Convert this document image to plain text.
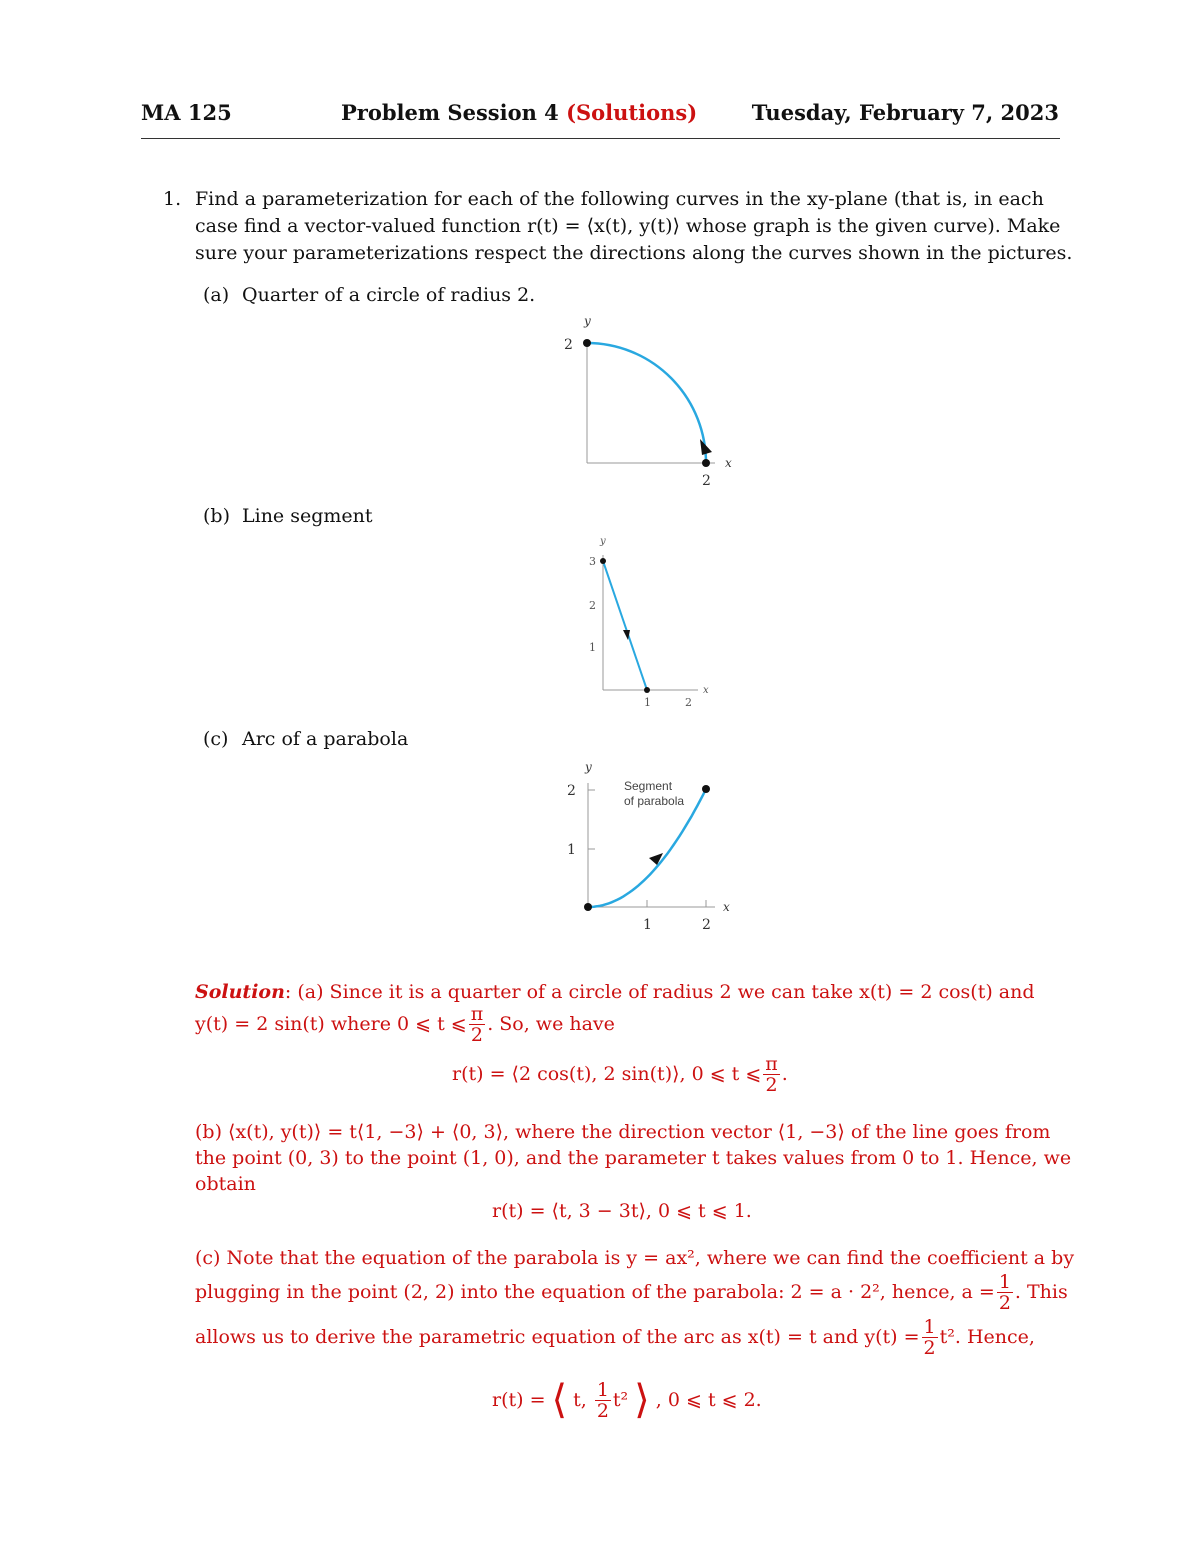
MA 125	Problem Session 4 (Solutions)	Tuesday, February 7, 2023
1. Find a parameterization for each of the following curves in the xy-plane (that is, in each
case find a vector-valued function r(t) = ⟨x(t), y(t)⟩ whose graph is the given curve). Make
sure your parameterizations respect the directions along the curves shown in the pictures.
(a) Quarter of a circle of radius 2.
y
2
x
2
(b) Line segment
y
3
2
1
x
1	2
(c) Arc of a parabola
y
2
1
x
1	2
Segment
of parabola
Solution: (a) Since it is a quarter of a circle of radius 2 we can take x(t) = 2 cos(t) and
y(t) = 2 sin(t) where 0 ⩽ t ⩽ $\frac{\pi}{2}$ . So, we have
r(t) = ⟨2 cos(t), 2 sin(t)⟩, 0 ⩽ t ⩽ $\frac{\pi}{2}$ .
(b) ⟨x(t), y(t)⟩ = t⟨1, −3⟩ + ⟨0, 3⟩, where the direction vector ⟨1, −3⟩ of the line goes from
the point (0, 3) to the point (1, 0), and the parameter t takes values from 0 to 1. Hence, we
obtain
r(t) = ⟨t, 3 − 3t⟩, 0 ⩽ t ⩽ 1.
(c) Note that the equation of the parabola is y = ax², where we can find the coefficient a by
plugging in the point (2, 2) into the equation of the parabola: 2 = a · 2², hence, $a = \frac{1}{2}$ . This
allows us to derive the parametric equation of the arc as x(t) = t and $y(t) = \frac{1}{2} t^2$. Hence,
r(t) = ⟨ t, $\frac{1}{2} t^2$ ⟩ , 0 ⩽ t ⩽ 2.
